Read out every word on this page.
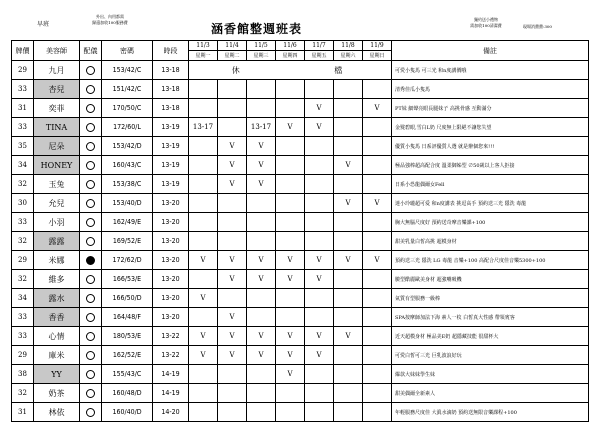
早班
外出、內用都需
歸還加收100服務費	涵香館整週班表
獨約送小禮物
需加收100清潔費	現場消費費:300
牌價	美容師	配儀	密碼	時段	11/3	11/4	11/5	11/6	11/7	11/8	11/9	備註
					星期一	星期二	星期三	星期四	星期五	星期六	星期日	
29	九月		153/42/C	13-18	休 檔							可愛小隻馬 可三光 和n度講價哦
33	杏兒		151/42/C	13-18								清秀佳瓜小隻馬
31	奕菲		170/50/C	13-18					V		V	PT妹 細聲亮眼長腿妹子 高挑骨感 互動滿分
33	TINA		172/60/L	13-19	13-17		13-17	V	V			金髮碧眼,雪白L奶 尺度無上限絕不讓您失望
35	尼朵		153/42/D	13-19		V	V					優質小隻馬 日系評優質人選 就是辦個您來!!!
34	HONEY		160/43/C	13-19		V	V			V		極品強棒超高配合度 溫柔御姊型 ∅50歲以上客人拒接
32	玉兔		153/38/C	13-19		V	V					日系小恐龍偶爾女Fell
30	允兒		153/40/D	13-20						V	V	迷小玲瓏超可爱 和n度講表 挑逗高手 預約送三光 隱洗 毒龍
33	小羽		162/49/E	13-20								胸大無腦尺度好 預約送奇摩音樂課+100
32	露露		169/52/E	13-20								甜美乳量白皙高挑 超模身材
29	米娜		172/62/D	13-20	V	V	V	V	V	V	V	預約送三光 隱洗 LG 毒龍 音樂+100 高配合尺度佳音樂5300+100
32	維多		166/53/E	13-20		V	V	V	V			臉型酷麗歐美身材 超強嘴吸機
34	露水		166/50/D	13-20	V							氣質有型服務一級棒
33	香香		164/48/F	13-20		V						SPA按摩師加法下海 素人一枚 白皙真大性感 帶領賓客
33	心情		180/53/E	13-22	V	V	V	V	V	V		近天超模身材 極品美E奶 超隱藏技能 很甜杯大
29	庫米		162/52/E	13-22	V	V	V	V	V			可愛白皙可三光 巨乳波浪好玩
38	YY		155/43/C	14-19				V				爆款大妹妹學生妹
32	奶茶		160/48/D	14-19								甜美偶爾全新素人
31	林依		160/40/D	14-20								年輕服務尺度佳 大眞水滴奶 預約送無限音樂課程+100
